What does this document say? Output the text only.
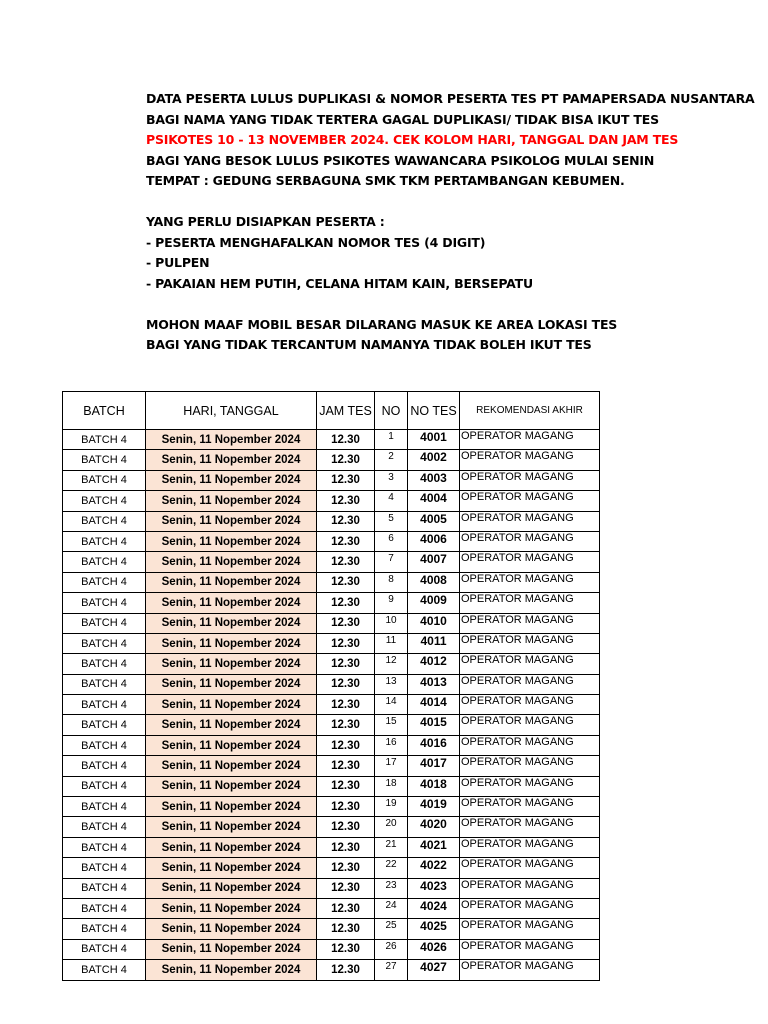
DATA PESERTA LULUS DUPLIKASI & NOMOR PESERTA TES PT PAMAPERSADA NUSANTARA
BAGI NAMA YANG TIDAK TERTERA GAGAL DUPLIKASI/ TIDAK BISA IKUT TES
PSIKOTES 10 - 13 NOVEMBER 2024. CEK KOLOM HARI, TANGGAL DAN JAM TES
BAGI YANG BESOK LULUS PSIKOTES WAWANCARA PSIKOLOG MULAI SENIN
TEMPAT : GEDUNG SERBAGUNA SMK TKM PERTAMBANGAN KEBUMEN.
YANG PERLU DISIAPKAN PESERTA :
- PESERTA MENGHAFALKAN NOMOR TES (4 DIGIT)
- PULPEN
- PAKAIAN HEM PUTIH, CELANA HITAM KAIN, BERSEPATU
MOHON MAAF MOBIL BESAR DILARANG MASUK KE AREA LOKASI TES
BAGI YANG TIDAK TERCANTUM NAMANYA TIDAK BOLEH IKUT TES
BATCH	HARI, TANGGAL	JAM TES	NO	NO TES	REKOMENDASI AKHIR
BATCH 4	Senin, 11 Nopember 2024	12.30	1	4001	OPERATOR MAGANG
BATCH 4	Senin, 11 Nopember 2024	12.30	2	4002	OPERATOR MAGANG
BATCH 4	Senin, 11 Nopember 2024	12.30	3	4003	OPERATOR MAGANG
BATCH 4	Senin, 11 Nopember 2024	12.30	4	4004	OPERATOR MAGANG
BATCH 4	Senin, 11 Nopember 2024	12.30	5	4005	OPERATOR MAGANG
BATCH 4	Senin, 11 Nopember 2024	12.30	6	4006	OPERATOR MAGANG
BATCH 4	Senin, 11 Nopember 2024	12.30	7	4007	OPERATOR MAGANG
BATCH 4	Senin, 11 Nopember 2024	12.30	8	4008	OPERATOR MAGANG
BATCH 4	Senin, 11 Nopember 2024	12.30	9	4009	OPERATOR MAGANG
BATCH 4	Senin, 11 Nopember 2024	12.30	10	4010	OPERATOR MAGANG
BATCH 4	Senin, 11 Nopember 2024	12.30	11	4011	OPERATOR MAGANG
BATCH 4	Senin, 11 Nopember 2024	12.30	12	4012	OPERATOR MAGANG
BATCH 4	Senin, 11 Nopember 2024	12.30	13	4013	OPERATOR MAGANG
BATCH 4	Senin, 11 Nopember 2024	12.30	14	4014	OPERATOR MAGANG
BATCH 4	Senin, 11 Nopember 2024	12.30	15	4015	OPERATOR MAGANG
BATCH 4	Senin, 11 Nopember 2024	12.30	16	4016	OPERATOR MAGANG
BATCH 4	Senin, 11 Nopember 2024	12.30	17	4017	OPERATOR MAGANG
BATCH 4	Senin, 11 Nopember 2024	12.30	18	4018	OPERATOR MAGANG
BATCH 4	Senin, 11 Nopember 2024	12.30	19	4019	OPERATOR MAGANG
BATCH 4	Senin, 11 Nopember 2024	12.30	20	4020	OPERATOR MAGANG
BATCH 4	Senin, 11 Nopember 2024	12.30	21	4021	OPERATOR MAGANG
BATCH 4	Senin, 11 Nopember 2024	12.30	22	4022	OPERATOR MAGANG
BATCH 4	Senin, 11 Nopember 2024	12.30	23	4023	OPERATOR MAGANG
BATCH 4	Senin, 11 Nopember 2024	12.30	24	4024	OPERATOR MAGANG
BATCH 4	Senin, 11 Nopember 2024	12.30	25	4025	OPERATOR MAGANG
BATCH 4	Senin, 11 Nopember 2024	12.30	26	4026	OPERATOR MAGANG
BATCH 4	Senin, 11 Nopember 2024	12.30	27	4027	OPERATOR MAGANG
